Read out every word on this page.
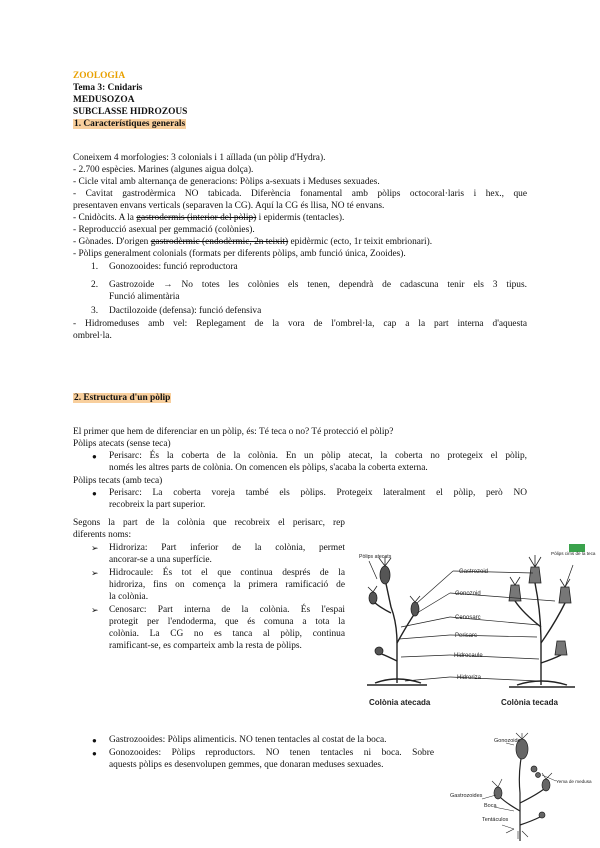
ZOOLOGIA
Tema 3: Cnidaris
MEDUSOZOA
SUBCLASSE HIDROZOUS
1. Característiques generals
Coneixem 4 morfologies: 3 colonials i 1 aïllada (un pòlip d'Hydra).
- 2.700 espècies. Marines (algunes aigua dolça).
- Cicle vital amb alternança de generacions: Pòlips a-sexuats i Meduses sexuades.
- Cavitat gastrodèrmica NO tabicada. Diferència fonamental amb pòlips octocoral·laris i hex., que
presentaven envans verticals (separaven la CG). Aquí la CG és llisa, NO té envans.
- Cnidòcits. A la gastrodermis (interior del pòlip) i epidermis (tentacles).
- Reproducció asexual per gemmació (colònies).
- Gònades. D'origen gastrodèrmic (endodèrmic, 2n teixit) epidèrmic (ecto, 1r teixit embrionari).
- Pòlips generalment colonials (formats per diferents pòlips, amb funció única, Zooides).
1. Gonozooides: funció reproductora
2. Gastrozoide → No totes les colònies els tenen, dependrà de cadascuna tenir els 3 tipus.
Funció alimentària
3. Dactilozoide (defensa): funció defensiva
- Hidromeduses amb vel: Replegament de la vora de l'ombrel·la, cap a la part interna d'aquesta
ombrel·la.
2. Estructura d'un pòlip
El primer que hem de diferenciar en un pòlip, és: Té teca o no? Té protecció el pòlip?
Pòlips atecats (sense teca)
● Perisarc: És la coberta de la colònia. En un pòlip atecat, la coberta no protegeix el pòlip,
només les altres parts de colònia. On comencen els pòlips, s'acaba la coberta externa.
Pòlips tecats (amb teca)
● Perisarc: La coberta voreja també els pòlips. Protegeix lateralment el pòlip, però NO
recobreix la part superior.
Segons la part de la colònia que recobreix el perisarc, rep
diferents noms:
➢ Hidroriza: Part inferior de la colònia, permet
ancorar-se a una superfície.
➢ Hidrocaule: És tot el que continua després de la
hidroriza, fins on comença la primera ramificació de
la colònia.
➢ Cenosarc: Part interna de la colònia. És l'espai
protegit per l'endoderma, que és comuna a tota la
colònia. La CG no es tanca al pòlip, continua
ramificant-se, es comparteix amb la resta de pòlips.
Pòlips atecats
Pòlips cims de la teca
Gastrozoid
Gonozoid
Cenosarc
Perisarc
Hidrocaule
Hidroriza
Colònia atecada	Colònia tecada
● Gastrozooides: Pòlips alimenticis. NO tenen tentacles al costat de la boca.
● Gonozooides: Pòlips reproductors. NO tenen tentacles ni boca. Sobre
aquests pòlips es desenvolupen gemmes, que donaran meduses sexuades.
Gonozoide
Yema de medusa
Gastrozoides
Boca
Tentáculos
